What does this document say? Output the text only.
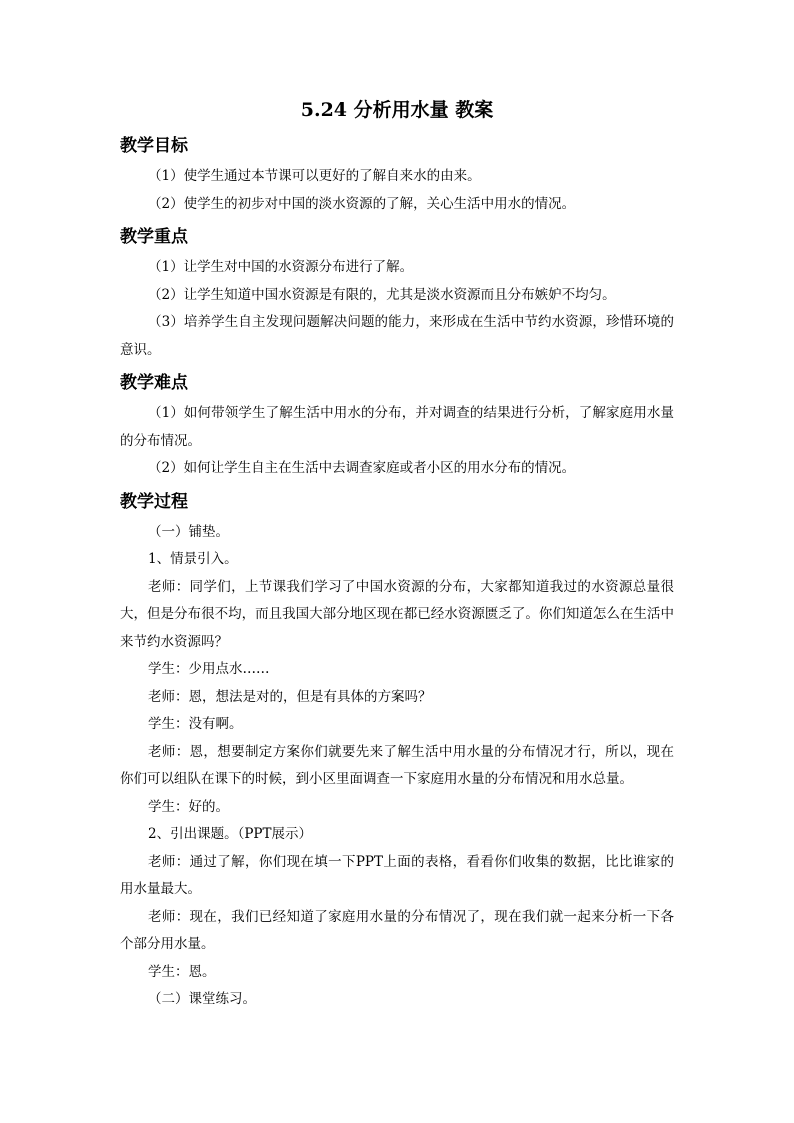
5.24 分析用水量 教案
教学目标

（1）使学生通过本节课可以更好的了解自来水的由来。

（2）使学生的初步对中国的淡水资源的了解，关心生活中用水的情况。

教学重点

（1）让学生对中国的水资源分布进行了解。

（2）让学生知道中国水资源是有限的，尤其是淡水资源而且分布嫉妒不均匀。

（3）培养学生自主发现问题解决问题的能力，来形成在生活中节约水资源，珍惜环境的意识。

教学难点

（1）如何带领学生了解生活中用水的分布，并对调查的结果进行分析，了解家庭用水量的分布情况。

（2）如何让学生自主在生活中去调查家庭或者小区的用水分布的情况。

教学过程

（一）铺垫。

1、情景引入。

老师：同学们，上节课我们学习了中国水资源的分布，大家都知道我过的水资源总量很大，但是分布很不均，而且我国大部分地区现在都已经水资源匮乏了。你们知道怎么在生活中来节约水资源吗？

学生：少用点水……

老师：恩，想法是对的，但是有具体的方案吗？

学生：没有啊。

老师：恩，想要制定方案你们就要先来了解生活中用水量的分布情况才行，所以，现在你们可以组队在课下的时候，到小区里面调查一下家庭用水量的分布情况和用水总量。

学生：好的。

2、引出课题。（PPT展示）

老师：通过了解，你们现在填一下PPT上面的表格，看看你们收集的数据，比比谁家的用水量最大。

老师：现在，我们已经知道了家庭用水量的分布情况了，现在我们就一起来分析一下各个部分用水量。

学生：恩。

（二）课堂练习。
